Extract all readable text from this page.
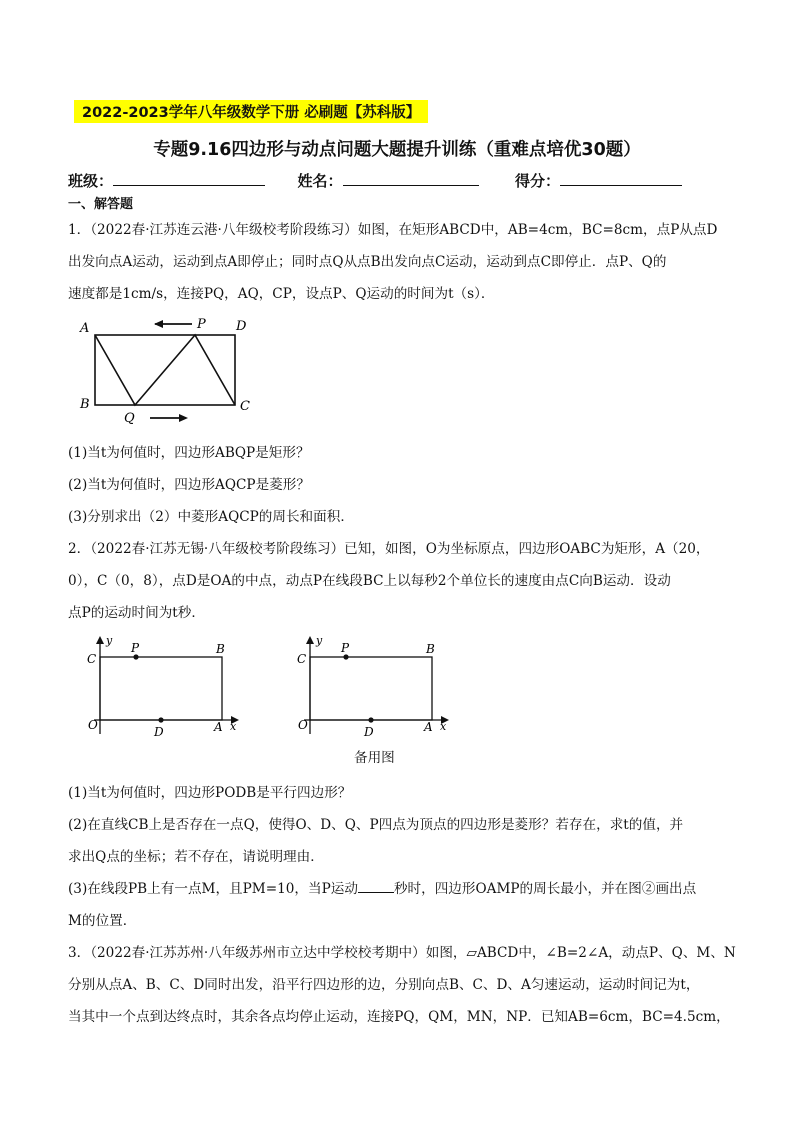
2022-2023学年八年级数学下册 必刷题【苏科版】
专题9.16四边形与动点问题大题提升训练（重难点培优30题）
班级：	姓名：	得分：
一、解答题
1．（2022春·江苏连云港·八年级校考阶段练习）如图，在矩形ABCD中，AB=4cm，BC=8cm，点P从点D
出发向点A运动，运动到点A即停止；同时点Q从点B出发向点C运动，运动到点C即停止．点P、Q的
速度都是1cm/s，连接PQ，AQ，CP，设点P、Q运动的时间为t（s）．
A	P D
B
Q
C
(1)当t为何值时，四边形ABQP是矩形？
(2)当t为何值时，四边形AQCP是菱形？
(3)分别求出（2）中菱形AQCP的周长和面积．
2．（2022春·江苏无锡·八年级校考阶段练习）已知，如图，O为坐标原点，四边形OABC为矩形，A（20，
0），C（0，8），点D是OA的中点，动点P在线段BC上以每秒2个单位长的速度由点C向B运动．设动
点P的运动时间为t秒．
y
C
P	B
O	D	A x
y
C
P	B
O	D	A x
备用图
(1)当t为何值时，四边形PODB是平行四边形？
(2)在直线CB上是否存在一点Q，使得O、D、Q、P四点为顶点的四边形是菱形？若存在，求t的值，并
求出Q点的坐标；若不存在，请说明理由．
(3)在线段PB上有一点M，且PM=10，当P运动	秒时，四边形OAMP的周长最小，并在图②画出点
M的位置．
3．（2022春·江苏苏州·八年级苏州市立达中学校校考期中）如图，▱ABCD中，∠B=2∠A，动点P、Q、M、N
分别从点A、B、C、D同时出发，沿平行四边形的边，分别向点B、C、D、A匀速运动，运动时间记为t，
当其中一个点到达终点时，其余各点均停止运动，连接PQ，QM，MN，NP．已知AB=6cm，BC=4.5cm，
